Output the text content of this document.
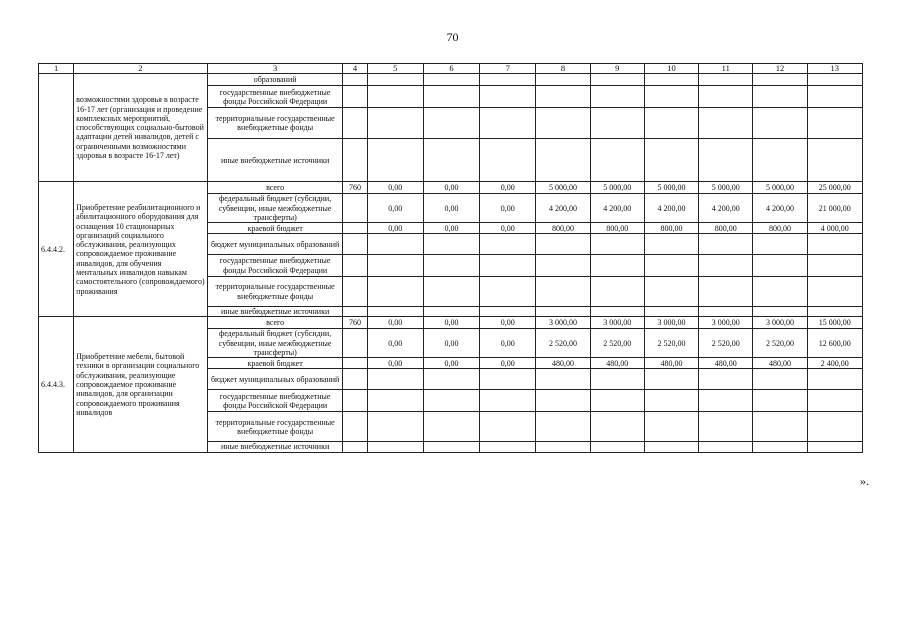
70
1	2	3	4	5	6	7	8	9	10	11	12	13
	возможностями здоровья в возрасте 16-17 лет (организация и проведение комплексных мероприятий, способствующих социально-бытовой адаптации детей инвалидов, детей с ограниченными возможностями здоровья в возрасте 16-17 лет)	образований										
		государственные внебюджетные фонды Российской Федерации										
		территориальные государственные внебюджетные фонды										
		иные внебюджетные источники										
6.4.4.2.	Приобретение реабилитационного и абилитационного оборудования для оснащения 10 стационарных организаций социального обслуживания, реализующих сопровождаемое проживание инвалидов, для обучения ментальных инвалидов навыкам самостоятельного (сопровождаемого) проживания	всего	760	0,00	0,00	0,00	5 000,00	5 000,00	5 000,00	5 000,00	5 000,00	25 000,00
		федеральный бюджет (субсидии, субвенции, иные межбюджетные трансферты)		0,00	0,00	0,00	4 200,00	4 200,00	4 200,00	4 200,00	4 200,00	21 000,00
		краевой бюджет		0,00	0,00	0,00	800,00	800,00	800,00	800,00	800,00	4 000,00
		бюджет муниципальных образований										
		государственные внебюджетные фонды Российской Федерации										
		территориальные государственные внебюджетные фонды										
		иные внебюджетные источники										
6.4.4.3.	Приобретение мебели, бытовой техники в организации социального обслуживания, реализующие сопровождаемое проживание инвалидов, для организации сопровождаемого проживания инвалидов	всего	760	0,00	0,00	0,00	3 000,00	3 000,00	3 000,00	3 000,00	3 000,00	15 000,00
		федеральный бюджет (субсидии, субвенции, иные межбюджетные трансферты)		0,00	0,00	0,00	2 520,00	2 520,00	2 520,00	2 520,00	2 520,00	12 600,00
		краевой бюджет		0,00	0,00	0,00	480,00	480,00	480,00	480,00	480,00	2 400,00
		бюджет муниципальных образований										
		государственные внебюджетные фонды Российской Федерации										
		территориальные государственные внебюджетные фонды										
		иные внебюджетные источники										
».
